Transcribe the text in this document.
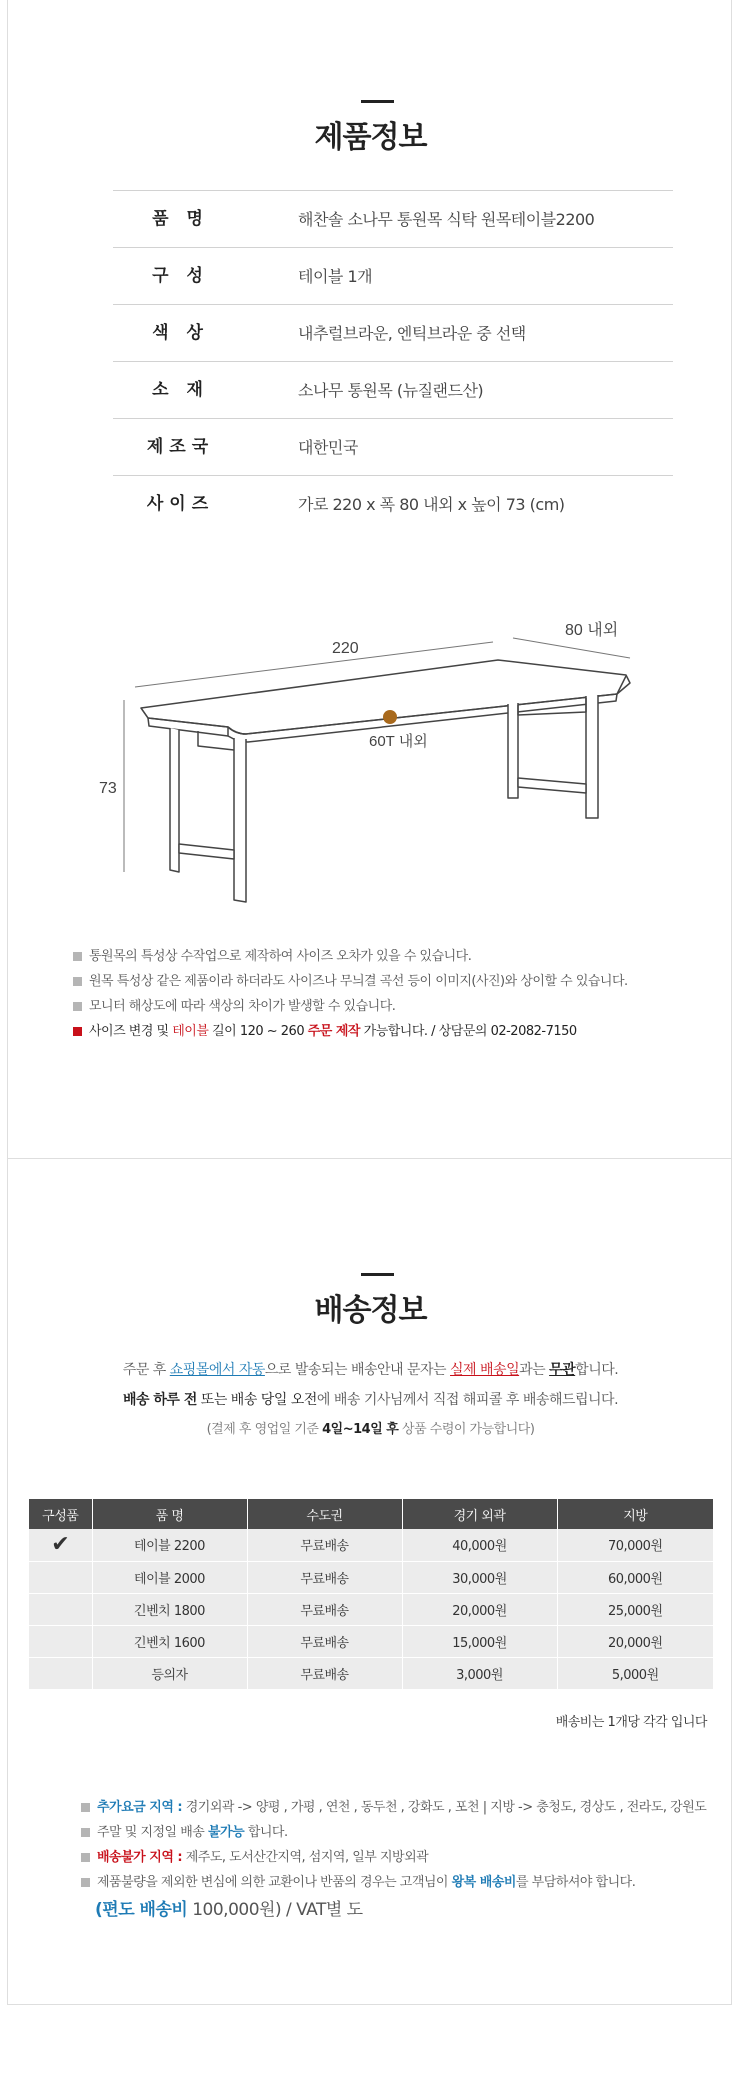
제품정보
품 명	해찬솔 소나무 통원목 식탁 원목테이블2200
구 성	테이블 1개
색 상	내추럴브라운, 엔틱브라운 중 선택
소 재	소나무 통원목 (뉴질랜드산)
제조국	대한민국
사이즈	가로 220 x 폭 80 내외 x 높이 73 (cm)
220
80 내외
73
60T 내외
통원목의 특성상 수작업으로 제작하여 사이즈 오차가 있을 수 있습니다.
원목 특성상 같은 제품이라 하더라도 사이즈나 무늬결 곡선 등이 이미지(사진)와 상이할 수 있습니다.
모니터 해상도에 따라 색상의 차이가 발생할 수 있습니다.
사이즈 변경 및 테이블 길이 120 ~ 260 주문 제작 가능합니다. / 상담문의 02-2082-7150
배송정보
주문 후 쇼핑몰에서 자동으로 발송되는 배송안내 문자는 실제 배송일과는 무관합니다.
배송 하루 전 또는 배송 당일 오전에 배송 기사님께서 직접 해피콜 후 배송해드립니다.
(결제 후 영업일 기준 4일~14일 후 상품 수령이 가능합니다)
구성품	품 명	수도권	경기 외곽	지방
✔	테이블 2200	무료배송	40,000원	70,000원
	테이블 2000	무료배송	30,000원	60,000원
	긴벤치 1800	무료배송	20,000원	25,000원
	긴벤치 1600	무료배송	15,000원	20,000원
	등의자	무료배송	3,000원	5,000원
배송비는 1개당 각각 입니다
추가요금 지역 : 경기외곽 -> 양평 , 가평 , 연천 , 동두천 , 강화도 , 포천 | 지방 -> 충청도, 경상도 , 전라도, 강원도
주말 및 지정일 배송 불가능 합니다.
배송불가 지역 : 제주도, 도서산간지역, 섬지역, 일부 지방외곽
제품불량을 제외한 변심에 의한 교환이나 반품의 경우는 고객님이 왕복 배송비를 부담하셔야 합니다.
(편도 배송비 100,000원) / VAT별 도
